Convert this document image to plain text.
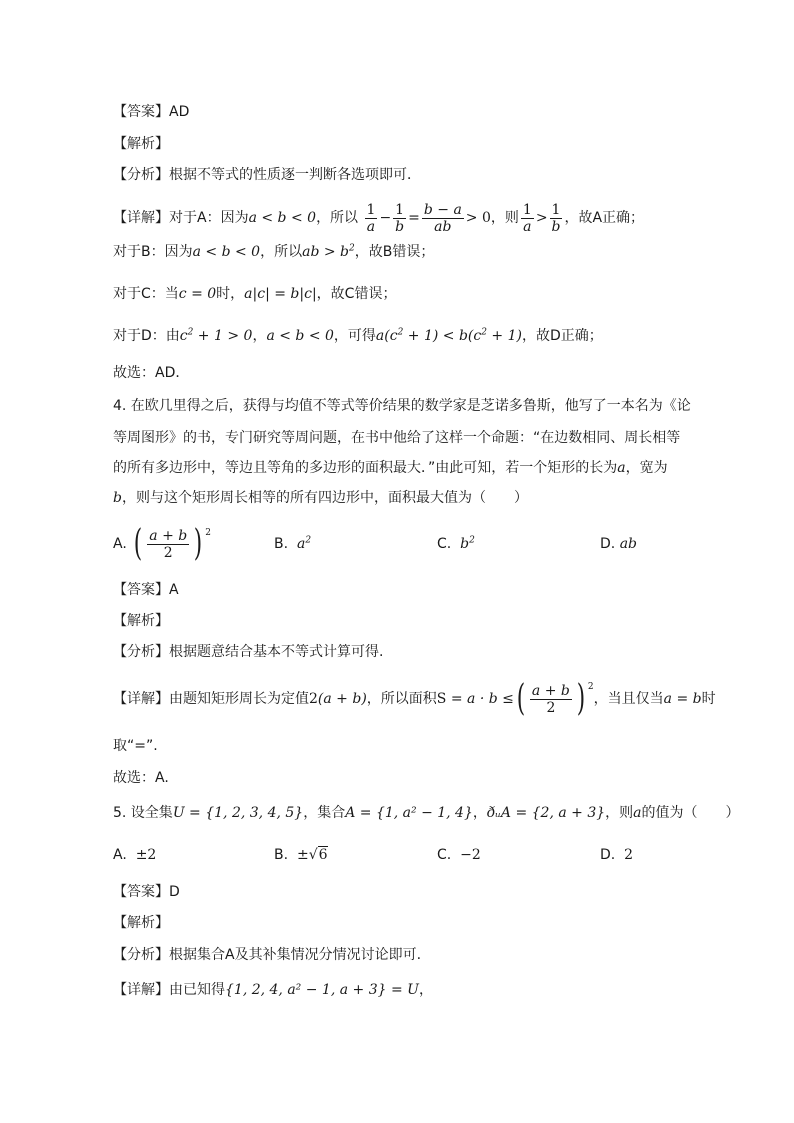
【答案】AD
【解析】
【分析】根据不等式的性质逐一判断各选项即可．
【详解】对于A：因为a < b < 0，所以 $\frac{1}{a} - \frac{1}{b} = \frac{b - a}{ab} > 0$，则 $\frac{1}{a} > \frac{1}{b}$ ，故A正确；
对于B：因为a < b < 0，所以ab > $b^2$，故B错误；
对于C：当c = 0时，a|c| = b|c|，故C错误；
对于D：由$c^2 + 1 > 0$，a < b < 0，可得$a(c^2 + 1) < b(c^2 + 1)$，故D正确；
故选：AD．
4. 在欧几里得之后，获得与均值不等式等价结果的数学家是芝诺多鲁斯，他写了一本名为《论
等周图形》的书，专门研究等周问题，在书中他给了这样一个命题：“在边数相同、周长相等
的所有多边形中，等边且等角的多边形的面积最大．”由此可知，若一个矩形的长为a，宽为
b，则与这个矩形周长相等的所有四边形中，面积最大值为（　　）
A. ( $\frac{a + b}{2}$ ) $^2$
B. $a^2$	C. $b^2$	D. ab
【答案】A
【解析】
【分析】根据题意结合基本不等式计算可得.
【详解】由题知矩形周长为定值2(a + b)，所以面积S = a · b ≤( $\frac{a + b}{2}$ ) $^2$，当且仅当a = b时
取“=”.
故选：A.
5. 设全集U = {1, 2, 3, 4, 5}，集合A = {1, a² − 1, 4}，ðᵤA = {2, a + 3}，则a的值为（　　）
A. ±2	B. ±√6	C. −2	D. 2
【答案】D
【解析】
【分析】根据集合A及其补集情况分情况讨论即可.
【详解】由已知得{1, 2, 4, a² − 1, a + 3} = U，
